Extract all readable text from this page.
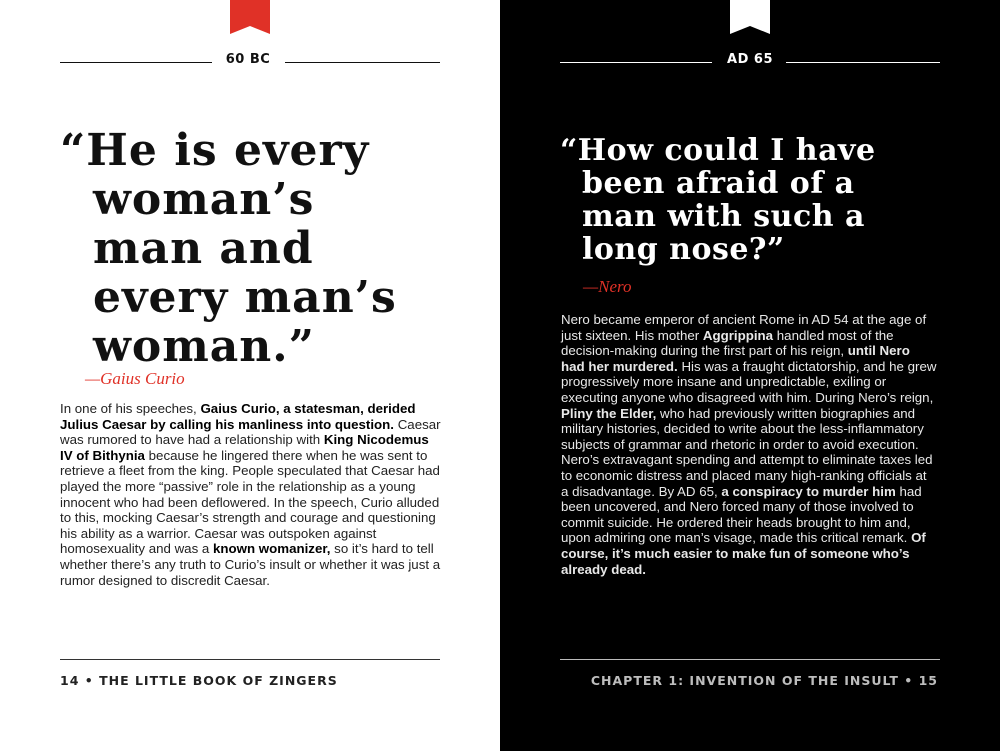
60 BC
“He is every
woman’s
man and
every man’s
woman.”
—Gaius Curio

In one of his speeches, Gaius Curio, a statesman, derided Julius Caesar by calling his manliness into question. Caesar was rumored to have had a relationship with King Nicodemus IV of Bithynia because he lingered there when he was sent to retrieve a fleet from the king. People speculated that Caesar had played the more “passive” role in the relationship as a young innocent who had been deflowered. In the speech, Curio alluded to this, mocking Caesar’s strength and courage and questioning his ability as a warrior. Caesar was outspoken against homosexuality and was a known womanizer, so it’s hard to tell whether there’s any truth to Curio’s insult or whether it was just a rumor designed to discredit Caesar.

14 • THE LITTLE BOOK OF ZINGERS
AD 65
“How could I have
been afraid of a
man with such a
long nose?”
—Nero

Nero became emperor of ancient Rome in AD 54 at the age of just sixteen. His mother Aggrippina handled most of the decision-making during the first part of his reign, until Nero had her murdered. His was a fraught dictatorship, and he grew progressively more insane and unpredictable, exiling or executing anyone who disagreed with him. During Nero’s reign, Pliny the Elder, who had previously written biographies and military histories, decided to write about the less-inflammatory subjects of grammar and rhetoric in order to avoid execution. Nero’s extravagant spending and attempt to eliminate taxes led to economic distress and placed many high-ranking officials at a disadvantage. By AD 65, a conspiracy to murder him had been uncovered, and Nero forced many of those involved to commit suicide. He ordered their heads brought to him and, upon admiring one man’s visage, made this critical remark. Of course, it’s much easier to make fun of someone who’s already dead.

CHAPTER 1: INVENTION OF THE INSULT • 15
